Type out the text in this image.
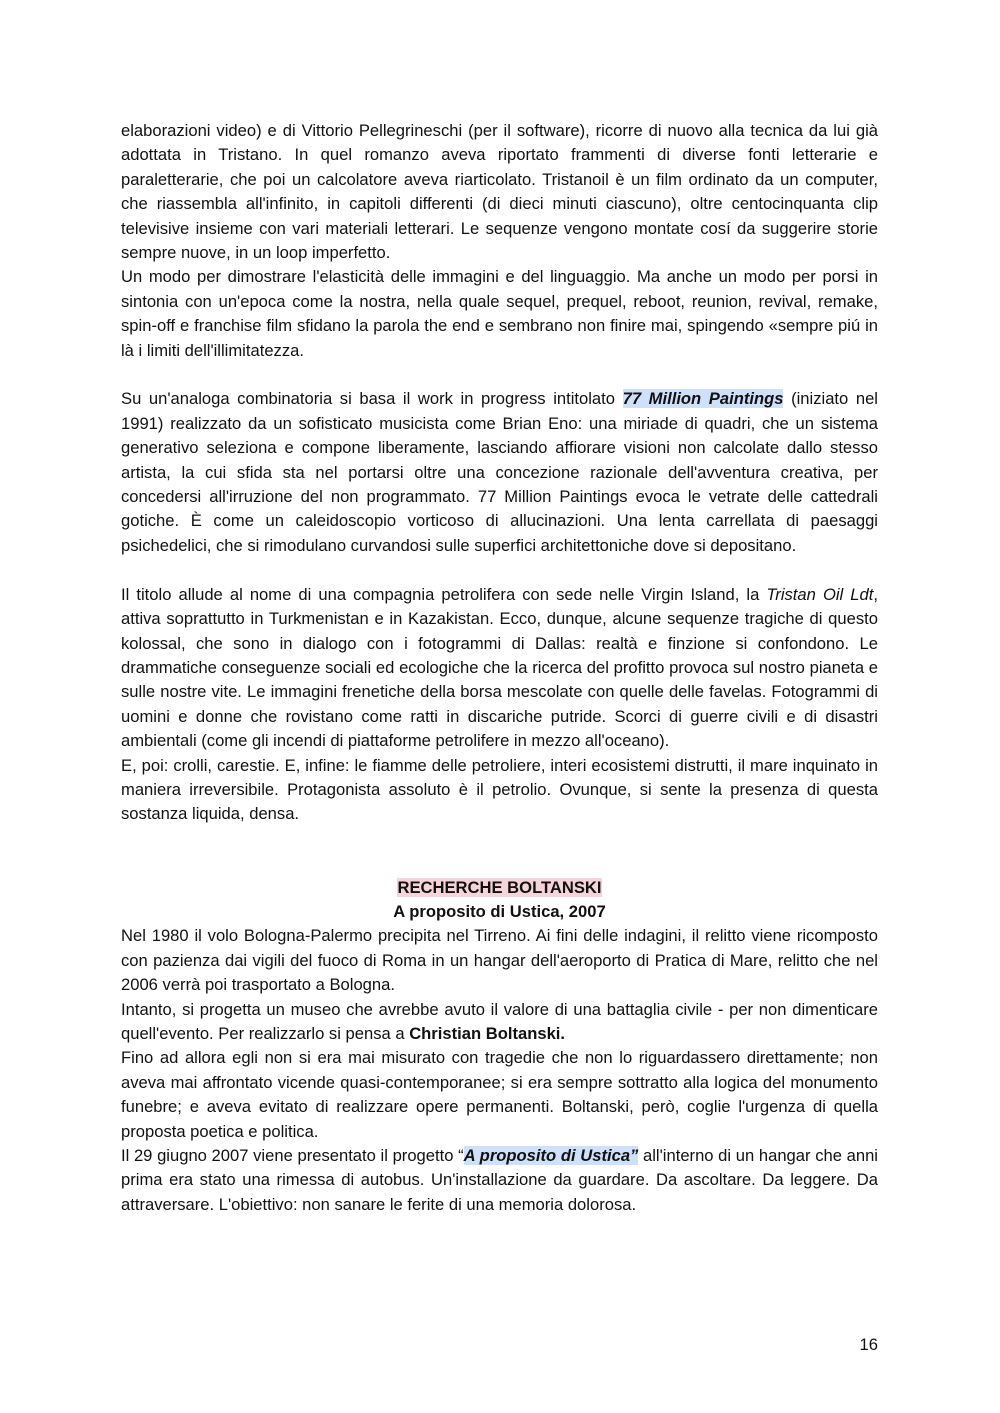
elaborazioni video) e di Vittorio Pellegrineschi (per il software), ricorre di nuovo alla tecnica da lui già adottata in Tristano. In quel romanzo aveva riportato frammenti di diverse fonti letterarie e paraletterarie, che poi un calcolatore aveva riarticolato. Tristanoil è un film ordinato da un computer, che riassembla all'infinito, in capitoli differenti (di dieci minuti ciascuno), oltre centocinquanta clip televisive insieme con vari materiali letterari. Le sequenze vengono montate cosí da suggerire storie sempre nuove, in un loop imperfetto.

Un modo per dimostrare l'elasticità delle immagini e del linguaggio. Ma anche un modo per porsi in sintonia con un'epoca come la nostra, nella quale sequel, prequel, reboot, reunion, revival, remake, spin-off e franchise film sfidano la parola the end e sembrano non finire mai, spingendo «sempre piú in là i limiti dell'illimitatezza.

Su un'analoga combinatoria si basa il work in progress intitolato 77 Million Paintings (iniziato nel 1991) realizzato da un sofisticato musicista come Brian Eno: una miriade di quadri, che un sistema generativo seleziona e compone liberamente, lasciando affiorare visioni non calcolate dallo stesso artista, la cui sfida sta nel portarsi oltre una concezione razionale dell'avventura creativa, per concedersi all'irruzione del non programmato. 77 Million Paintings evoca le vetrate delle cattedrali gotiche. È come un caleidoscopio vorticoso di allucinazioni. Una lenta carrellata di paesaggi psichedelici, che si rimodulano curvandosi sulle superfici architettoniche dove si depositano.

Il titolo allude al nome di una compagnia petrolifera con sede nelle Virgin Island, la Tristan Oil Ldt, attiva soprattutto in Turkmenistan e in Kazakistan. Ecco, dunque, alcune sequenze tragiche di questo kolossal, che sono in dialogo con i fotogrammi di Dallas: realtà e finzione si confondono. Le drammatiche conseguenze sociali ed ecologiche che la ricerca del profitto provoca sul nostro pianeta e sulle nostre vite. Le immagini frenetiche della borsa mescolate con quelle delle favelas. Fotogrammi di uomini e donne che rovistano come ratti in discariche putride. Scorci di guerre civili e di disastri ambientali (come gli incendi di piattaforme petrolifere in mezzo all'oceano).

E, poi: crolli, carestie. E, infine: le fiamme delle petroliere, interi ecosistemi distrutti, il mare inquinato in maniera irreversibile. Protagonista assoluto è il petrolio. Ovunque, si sente la presenza di questa sostanza liquida, densa.

RECHERCHE BOLTANSKI
A proposito di Ustica, 2007

Nel 1980 il volo Bologna-Palermo precipita nel Tirreno. Ai fini delle indagini, il relitto viene ricomposto con pazienza dai vigili del fuoco di Roma in un hangar dell'aeroporto di Pratica di Mare, relitto che nel 2006 verrà poi trasportato a Bologna.

Intanto, si progetta un museo che avrebbe avuto il valore di una battaglia civile - per non dimenticare quell'evento. Per realizzarlo si pensa a Christian Boltanski.

Fino ad allora egli non si era mai misurato con tragedie che non lo riguardassero direttamente; non aveva mai affrontato vicende quasi-contemporanee; si era sempre sottratto alla logica del monumento funebre; e aveva evitato di realizzare opere permanenti. Boltanski, però, coglie l'urgenza di quella proposta poetica e politica.

Il 29 giugno 2007 viene presentato il progetto “A proposito di Ustica” all'interno di un hangar che anni prima era stato una rimessa di autobus. Un'installazione da guardare. Da ascoltare. Da leggere. Da attraversare. L'obiettivo: non sanare le ferite di una memoria dolorosa.

16
